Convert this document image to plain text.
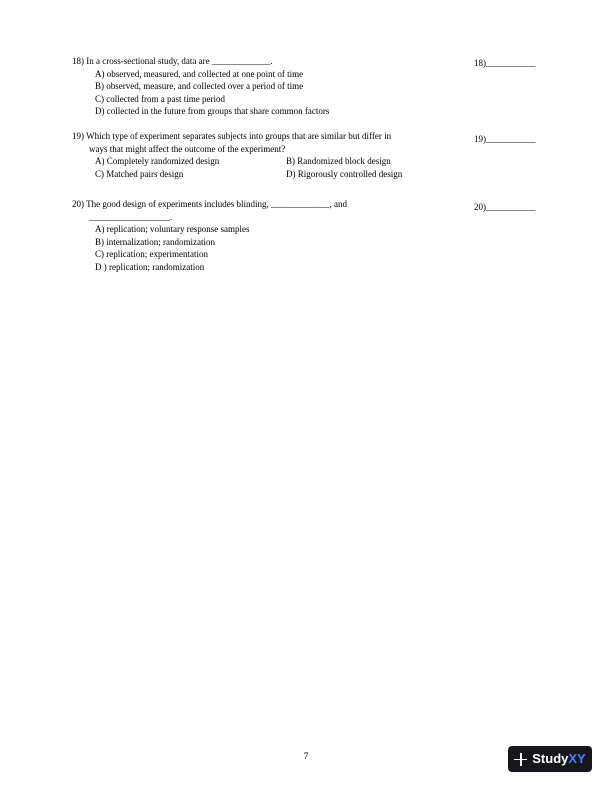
18) In a cross-sectional study, data are _____________.
A) observed, measured, and collected at one point of time
B) observed, measure, and collected over a period of time
C) collected from a past time period
D) collected in the future from groups that share common factors
18)___________
19) Which type of experiment separates subjects into groups that are similar but differ in
ways that might affect the outcome of the experiment?
A) Completely randomized design	B) Randomized block design
C) Matched pairs design	D) Rigorously controlled design
19)___________
20) The good design of experiments includes blinding, _____________, and
__________________.
A) replication; voluntary response samples
B) internalization; randomization
C) replication; experimentation
D ) replication; randomization
20)___________
7	StudyXY
